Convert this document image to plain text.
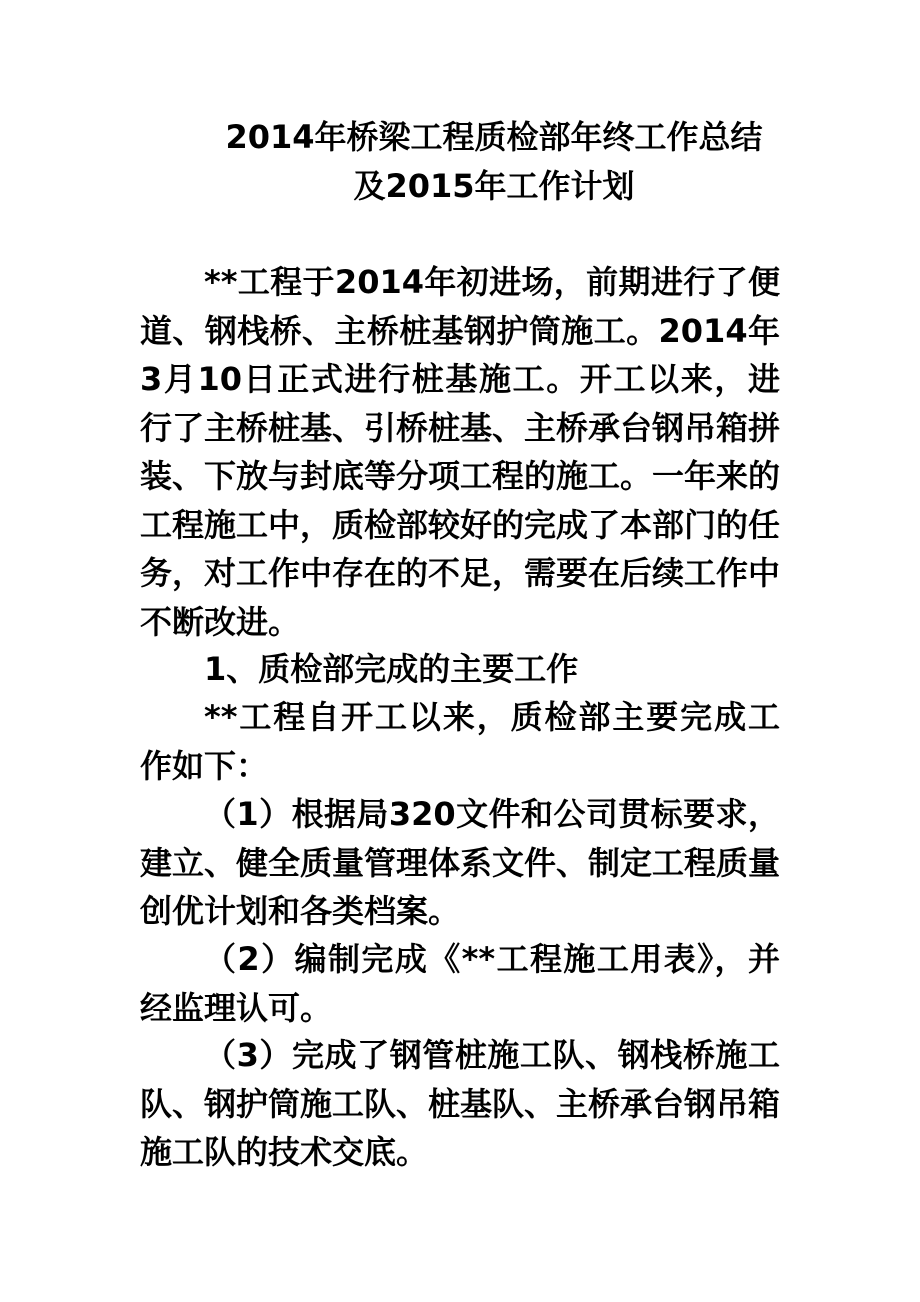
2014年桥梁工程质检部年终工作总结
及2015年工作计划
**工程于2014年初进场，前期进行了便道、钢栈桥、主桥桩基钢护筒施工。2014年3月10日正式进行桩基施工。开工以来，进行了主桥桩基、引桥桩基、主桥承台钢吊箱拼装、下放与封底等分项工程的施工。一年来的工程施工中，质检部较好的完成了本部门的任务，对工作中存在的不足，需要在后续工作中不断改进。
1、质检部完成的主要工作
**工程自开工以来，质检部主要完成工作如下：
（1）根据局320文件和公司贯标要求，建立、健全质量管理体系文件、制定工程质量创优计划和各类档案。
（2）编制完成《**工程施工用表》，并经监理认可。
（3）完成了钢管桩施工队、钢栈桥施工队、钢护筒施工队、桩基队、主桥承台钢吊箱施工队的技术交底。
